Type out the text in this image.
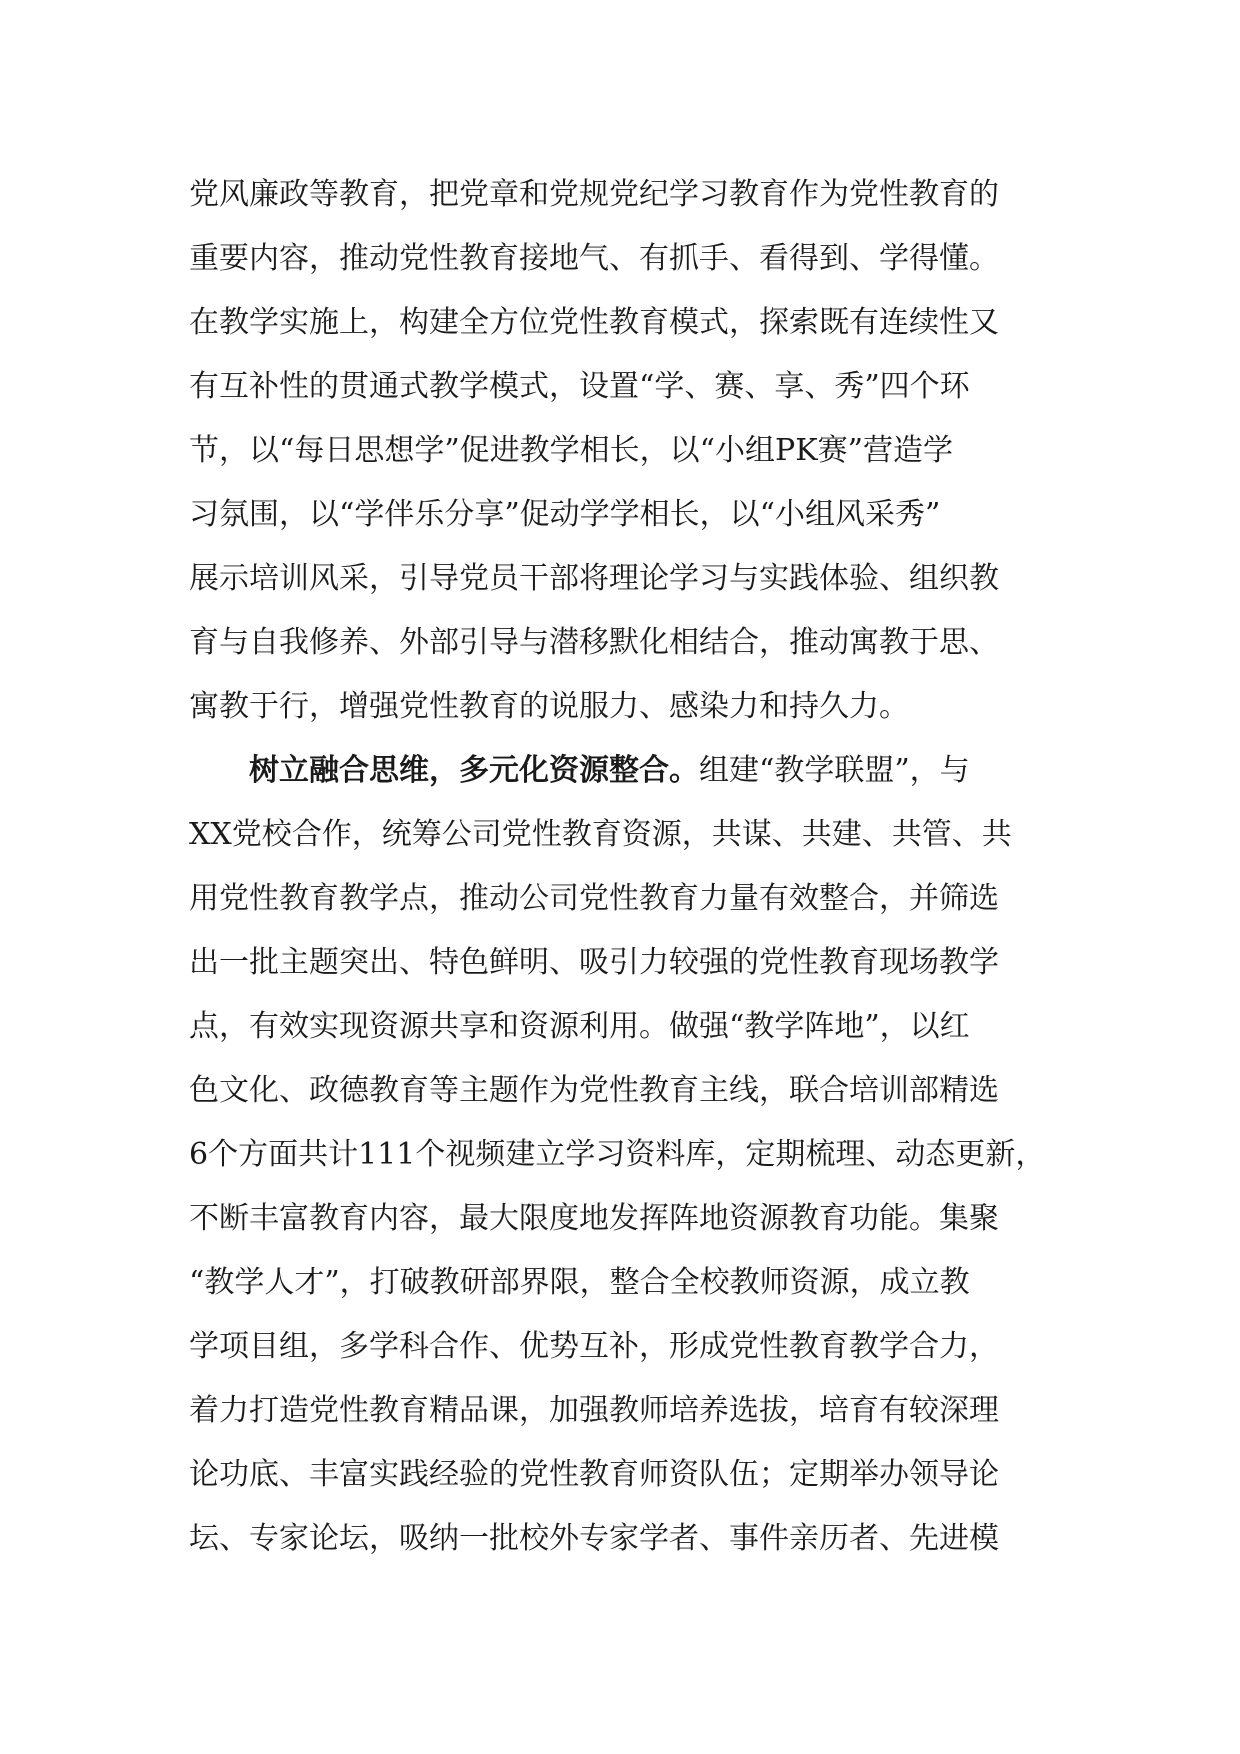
党风廉政等教育，把党章和党规党纪学习教育作为党性教育的
重要内容，推动党性教育接地气、有抓手、看得到、学得懂。
在教学实施上，构建全方位党性教育模式，探索既有连续性又
有互补性的贯通式教学模式，设置“学、赛、享、秀”四个环
节，以“每日思想学”促进教学相长，以“小组PK赛”营造学
习氛围，以“学伴乐分享”促动学学相长，以“小组风采秀”
展示培训风采，引导党员干部将理论学习与实践体验、组织教
育与自我修养、外部引导与潜移默化相结合，推动寓教于思、
寓教于行，增强党性教育的说服力、感染力和持久力。
树立融合思维，多元化资源整合。组建“教学联盟”，与
XX党校合作，统筹公司党性教育资源，共谋、共建、共管、共
用党性教育教学点，推动公司党性教育力量有效整合，并筛选
出一批主题突出、特色鲜明、吸引力较强的党性教育现场教学
点，有效实现资源共享和资源利用。做强“教学阵地”，以红
色文化、政德教育等主题作为党性教育主线，联合培训部精选
6个方面共计111个视频建立学习资料库，定期梳理、动态更新，
不断丰富教育内容，最大限度地发挥阵地资源教育功能。集聚
“教学人才”，打破教研部界限，整合全校教师资源，成立教
学项目组，多学科合作、优势互补，形成党性教育教学合力，
着力打造党性教育精品课，加强教师培养选拔，培育有较深理
论功底、丰富实践经验的党性教育师资队伍；定期举办领导论
坛、专家论坛，吸纳一批校外专家学者、事件亲历者、先进模
